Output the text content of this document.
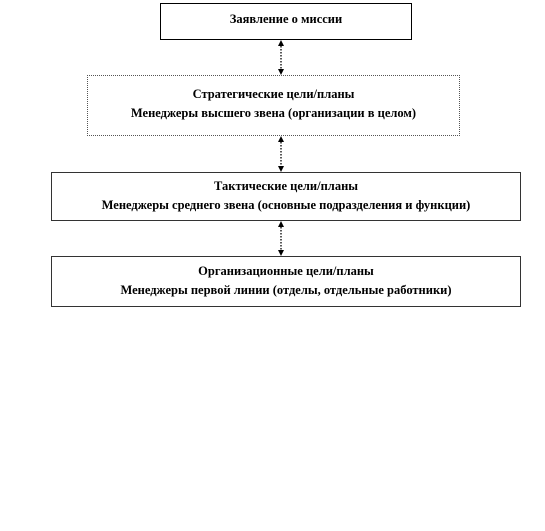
Заявление о миссии
Стратегические цели/планы
Менеджеры высшего звена (организации в целом)
Тактические цели/планы
Менеджеры среднего звена (основные подразделения и функции)
Организационные цели/планы
Менеджеры первой линии (отделы, отдельные работники)
